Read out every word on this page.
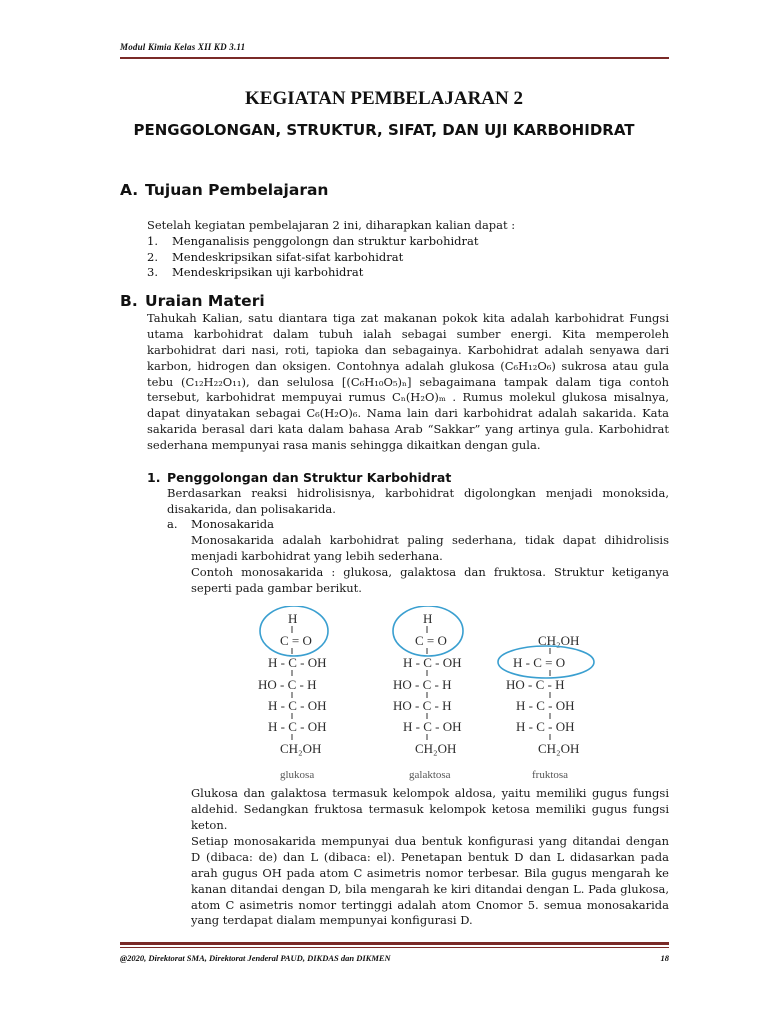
Modul Kimia Kelas XII KD 3.11
KEGIATAN PEMBELAJARAN 2
PENGGOLONGAN, STRUKTUR, SIFAT, DAN UJI KARBOHIDRAT
A. Tujuan Pembelajaran
Setelah kegiatan pembelajaran 2 ini, diharapkan kalian dapat :
1. Menganalisis penggolongn dan struktur karbohidrat
2. Mendeskripsikan sifat-sifat karbohidrat
3. Mendeskripsikan uji karbohidrat
B. Uraian Materi
Tahukah Kalian, satu diantara tiga zat makanan pokok kita adalah karbohidrat Fungsi
utama karbohidrat dalam tubuh ialah sebagai sumber energi. Kita memperoleh
karbohidrat dari nasi, roti, tapioka dan sebagainya. Karbohidrat adalah senyawa dari
karbon, hidrogen dan oksigen. Contohnya adalah glukosa (C₆H₁₂O₆) sukrosa atau gula
tebu (C₁₂H₂₂O₁₁), dan selulosa [(C₆H₁₀O₅)ₙ] sebagaimana tampak dalam tiga contoh
tersebut, karbohidrat mempuyai rumus Cₙ(H₂O)ₘ . Rumus molekul glukosa misalnya,
dapat dinyatakan sebagai C₆(H₂O)₆. Nama lain dari karbohidrat adalah sakarida. Kata
sakarida berasal dari kata dalam bahasa Arab “Sakkar” yang artinya gula. Karbohidrat
sederhana mempunyai rasa manis sehingga dikaitkan dengan gula.
1. Penggolongan dan Struktur Karbohidrat
Berdasarkan reaksi hidrolisisnya, karbohidrat digolongkan menjadi monoksida,
disakarida, dan polisakarida.
a. Monosakarida
Monosakarida adalah karbohidrat paling sederhana, tidak dapat dihidrolisis
menjadi karbohidrat yang lebih sederhana.
Contoh monosakarida : glukosa, galaktosa dan fruktosa. Struktur ketiganya
seperti pada gambar berikut.
H
C = O
H - C - OH
HO - C - H
H - C - OH
H - C - OH
CH₂OH
glukosa
H
C = O
H - C - OH
HO - C - H
HO - C - H
H - C - OH
CH₂OH
galaktosa
CH₂OH
H - C = O
HO - C - H
H - C - OH
H - C - OH
CH₂OH
fruktosa
Glukosa dan galaktosa termasuk kelompok aldosa, yaitu memiliki gugus fungsi
aldehid. Sedangkan fruktosa termasuk kelompok ketosa memiliki gugus fungsi
keton.
Setiap monosakarida mempunyai dua bentuk konfigurasi yang ditandai dengan
D (dibaca: de) dan L (dibaca: el). Penetapan bentuk D dan L didasarkan pada
arah gugus OH pada atom C asimetris nomor terbesar. Bila gugus mengarah ke
kanan ditandai dengan D, bila mengarah ke kiri ditandai dengan L. Pada glukosa,
atom C asimetris nomor tertinggi adalah atom Cnomor 5. semua monosakarida
yang terdapat dialam mempunyai konfigurasi D.
@2020, Direktorat SMA, Direktorat Jenderal PAUD, DIKDAS dan DIKMEN	18
